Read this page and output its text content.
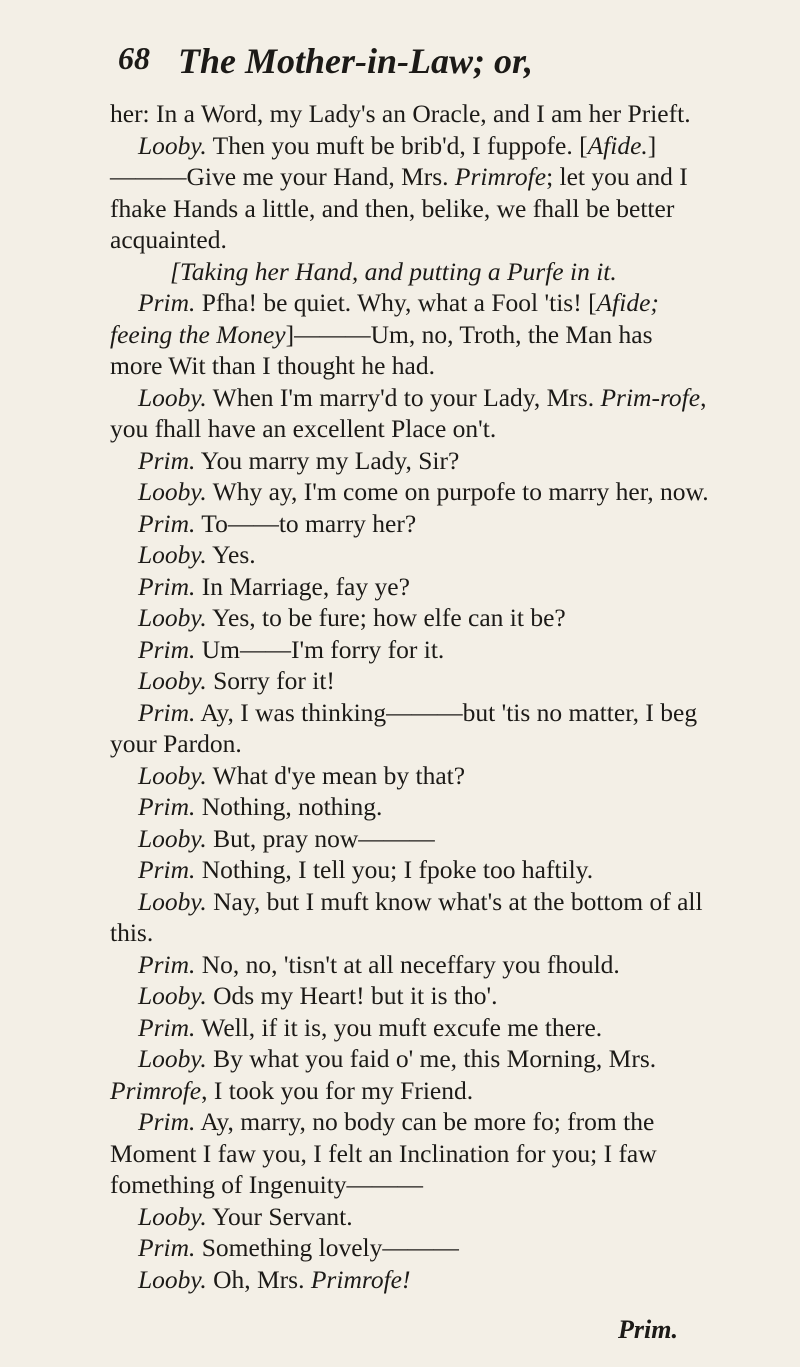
68 The Mother-in-Law; or,

her: In a Word, my Lady's an Oracle, and I am her Prieft.

Looby. Then you muft be brib'd, I fuppofe. [Afide.] ———Give me your Hand, Mrs. Primrofe; let you and I fhake Hands a little, and then, belike, we fhall be better acquainted.

[Taking her Hand, and putting a Purfe in it.

Prim. Pfha! be quiet. Why, what a Fool 'tis! [Afide; feeing the Money]———Um, no, Troth, the Man has more Wit than I thought he had.

Looby. When I'm marry'd to your Lady, Mrs. Prim-rofe, you fhall have an excellent Place on't.

Prim. You marry my Lady, Sir?

Looby. Why ay, I'm come on purpofe to marry her, now.

Prim. To——to marry her?

Looby. Yes.

Prim. In Marriage, fay ye?

Looby. Yes, to be fure; how elfe can it be?

Prim. Um——I'm forry for it.

Looby. Sorry for it!

Prim. Ay, I was thinking———but 'tis no matter, I beg your Pardon.

Looby. What d'ye mean by that?

Prim. Nothing, nothing.

Looby. But, pray now———

Prim. Nothing, I tell you; I fpoke too haftily.

Looby. Nay, but I muft know what's at the bottom of all this.

Prim. No, no, 'tisn't at all neceffary you fhould.

Looby. Ods my Heart! but it is tho'.

Prim. Well, if it is, you muft excufe me there.

Looby. By what you faid o' me, this Morning, Mrs. Primrofe, I took you for my Friend.

Prim. Ay, marry, no body can be more fo; from the Moment I faw you, I felt an Inclination for you; I faw fomething of Ingenuity———

Looby. Your Servant.

Prim. Something lovely———

Looby. Oh, Mrs. Primrofe!

Prim.
